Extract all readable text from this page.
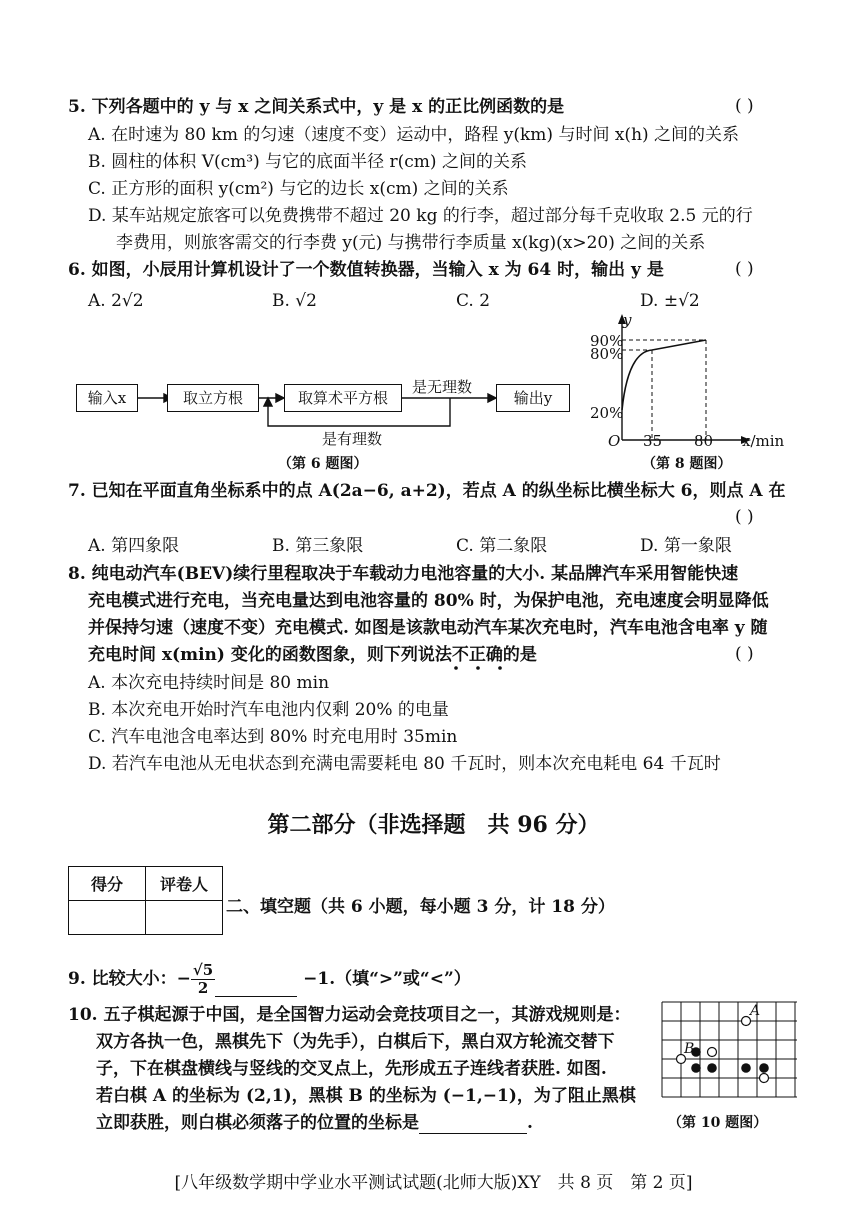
5. 下列各题中的 y 与 x 之间关系式中，y 是 x 的正比例函数的是	( )
A. 在时速为 80 km 的匀速（速度不变）运动中，路程 y(km) 与时间 x(h) 之间的关系
B. 圆柱的体积 V(cm³) 与它的底面半径 r(cm) 之间的关系
C. 正方形的面积 y(cm²) 与它的边长 x(cm) 之间的关系
D. 某车站规定旅客可以免费携带不超过 20 kg 的行李，超过部分每千克收取 2.5 元的行
李费用，则旅客需交的行李费 y(元) 与携带行李质量 x(kg)(x>20) 之间的关系
6. 如图，小辰用计算机设计了一个数值转换器，当输入 x 为 64 时，输出 y 是	( )
A. 2√2	B. √2	C. 2	D. ±√2
输入x	取立方根	取算术平方根	输出y
是无理数
是有理数
（第 6 题图）
y
90%
80%
20%
O 35 80 x/min
（第 8 题图）
7. 已知在平面直角坐标系中的点 A(2a−6, a+2)，若点 A 的纵坐标比横坐标大 6，则点 A 在
( )
A. 第四象限	B. 第三象限	C. 第二象限	D. 第一象限
8. 纯电动汽车(BEV)续行里程取决于车载动力电池容量的大小. 某品牌汽车采用智能快速
充电模式进行充电，当充电量达到电池容量的 80% 时，为保护电池，充电速度会明显降低
并保持匀速（速度不变）充电模式. 如图是该款电动汽车某次充电时，汽车电池含电率 y 随
充电时间 x(min) 变化的函数图象，则下列说法不正确的是	( )
A. 本次充电持续时间是 80 min
B. 本次充电开始时汽车电池内仅剩 20% 的电量
C. 汽车电池含电率达到 80% 时充电用时 35min
D. 若汽车电池从无电状态到充满电需要耗电 80 千瓦时，则本次充电耗电 64 千瓦时
第二部分（非选择题　共 96 分）
得分	评卷人

二、填空题（共 6 小题，每小题 3 分，计 18 分）
9. 比较大小：− $\frac{√5}{2}$	−1.（填“>”或“<”）
10. 五子棋起源于中国，是全国智力运动会竞技项目之一，其游戏规则是：
双方各执一色，黑棋先下（为先手），白棋后下，黑白双方轮流交替下
子，下在棋盘横线与竖线的交叉点上，先形成五子连线者获胜. 如图.
若白棋 A 的坐标为 (2,1)，黑棋 B 的坐标为 (−1,−1)，为了阻止黑棋
立即获胜，则白棋必须落子的位置的坐标是	.
A
B
（第 10 题图）
[八年级数学期中学业水平测试试题(北师大版)XY　共 8 页　第 2 页]
